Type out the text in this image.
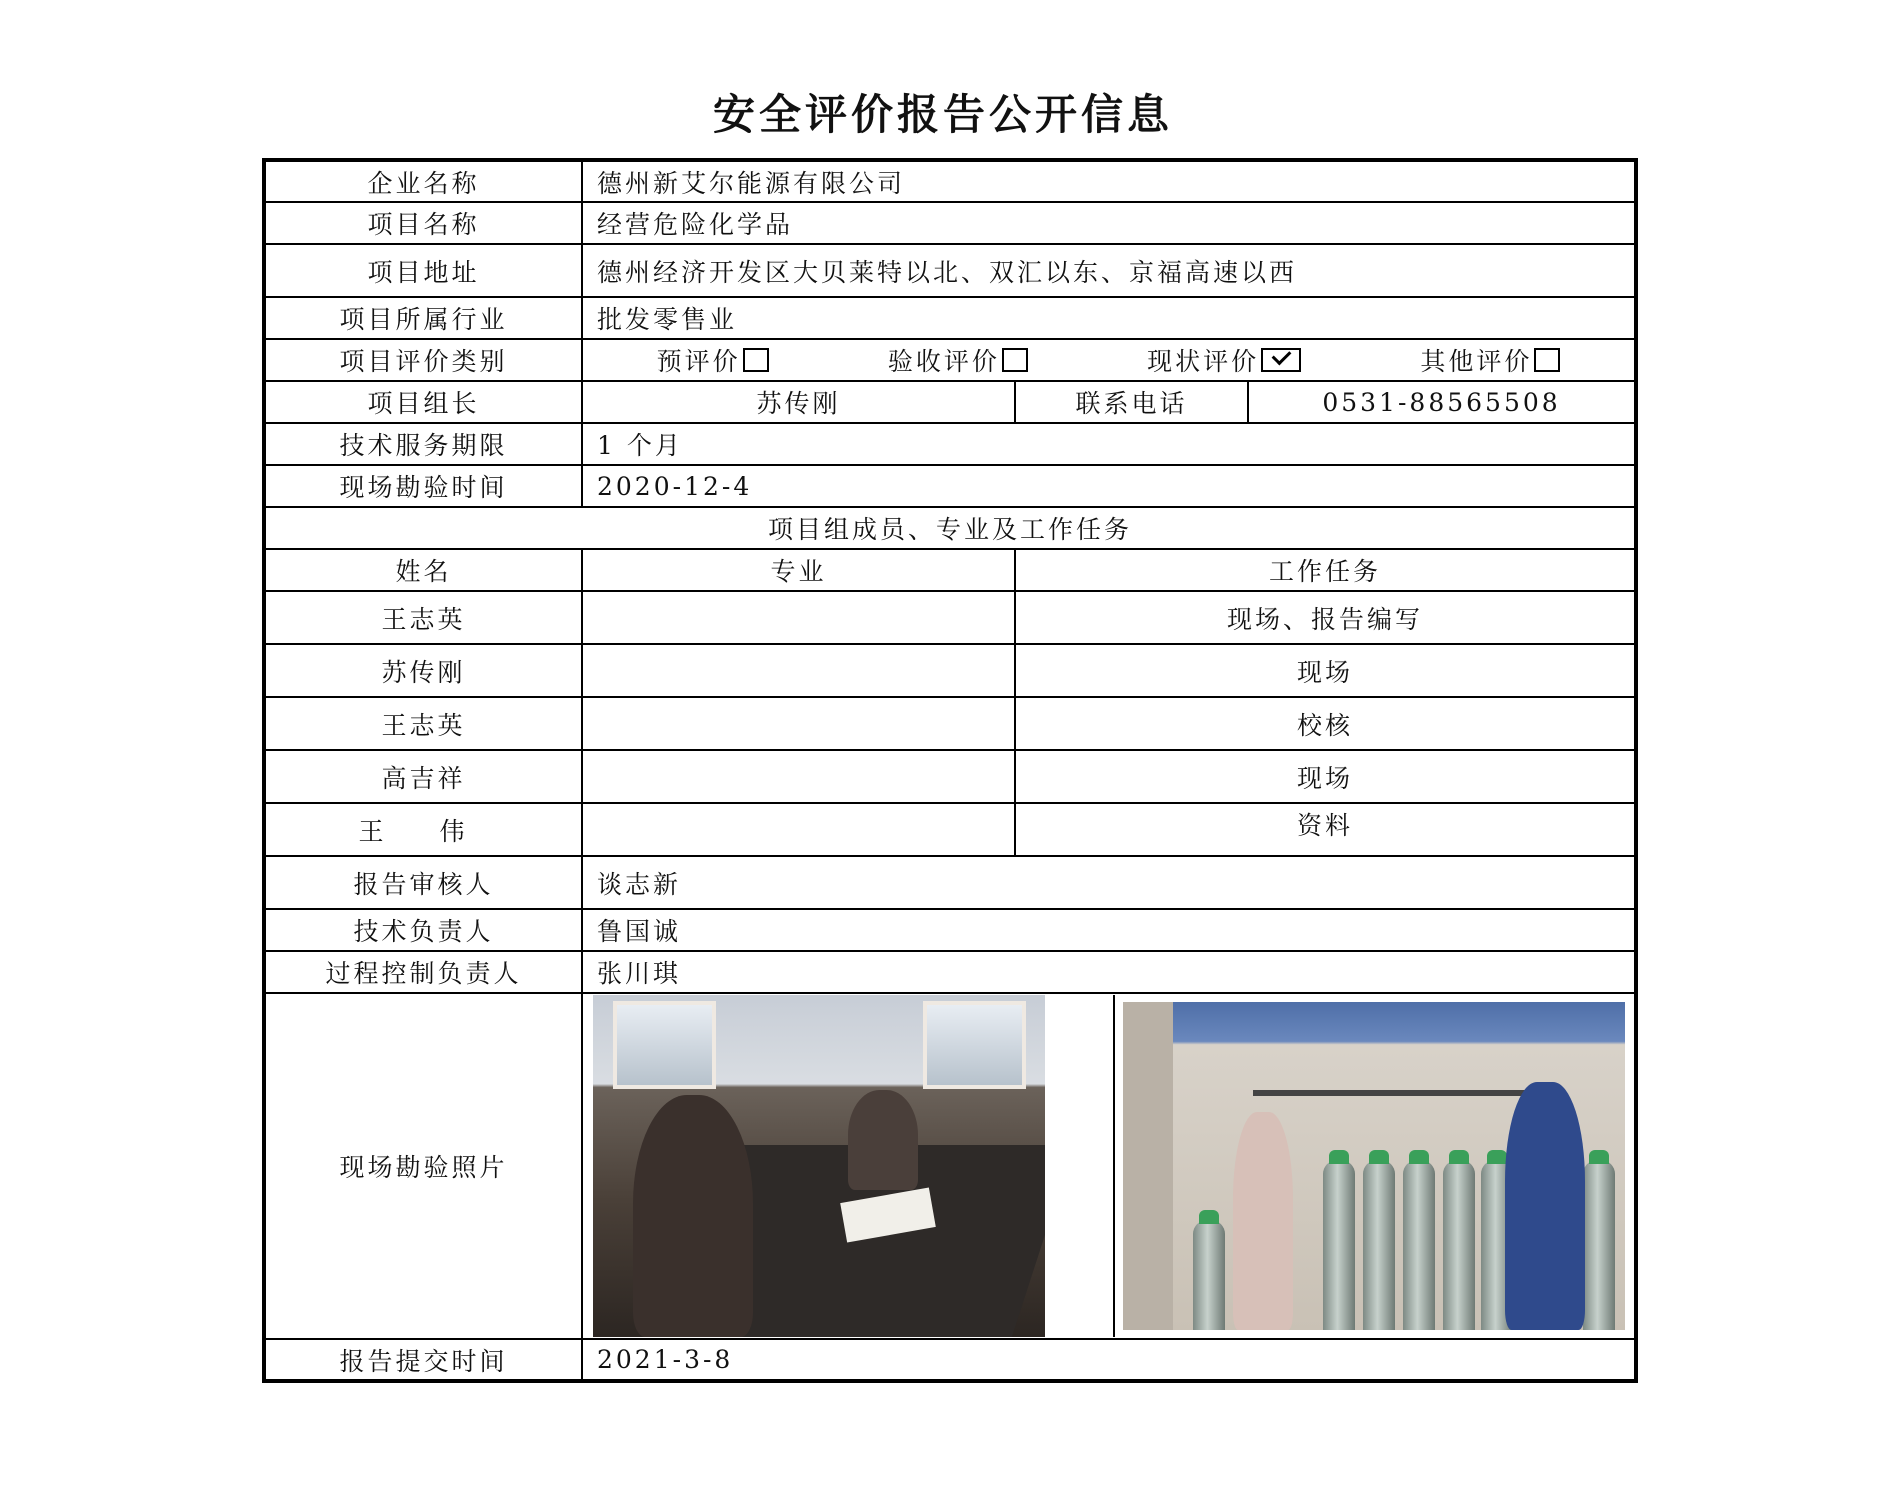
安全评价报告公开信息
企业名称	德州新艾尔能源有限公司		
项目名称	经营危险化学品		
项目地址	德州经济开发区大贝莱特以北、双汇以东、京福高速以西		
项目所属行业	批发零售业		
项目评价类别	预评价 验收评价 现状评价 其他评价		

项目组长	苏传刚	联系电话	0531-88565508
技术服务期限	1 个月		
现场勘验时间	2020-12-4		
项目组成员、专业及工作任务			
姓名	专业	工作任务	
王志英		现场、报告编写	
苏传刚		现场	
王志英		校核	
高吉祥		现场	
王 伟		资料	
报告审核人	谈志新		
技术负责人	鲁国诚		
过程控制负责人	张川琪		
现场勘验照片			

报告提交时间	2021-3-8		
